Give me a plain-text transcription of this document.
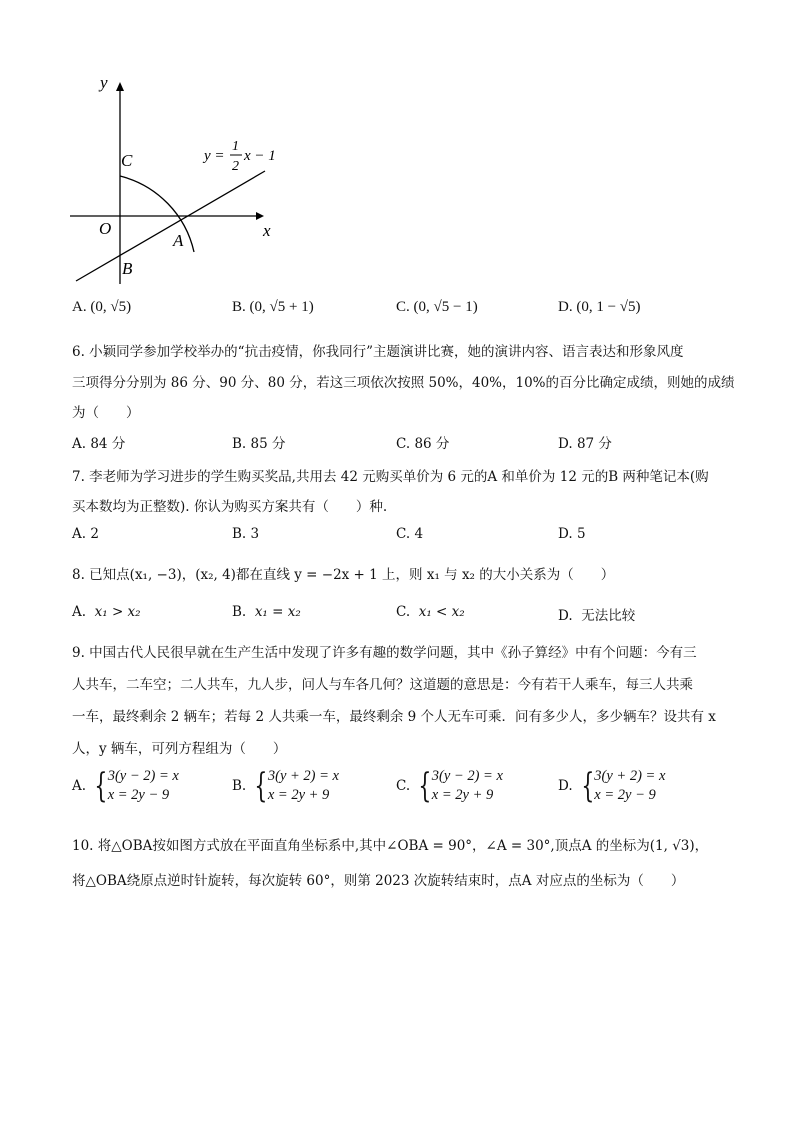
y
x
O
C
A
B
y =
1
2
x − 1
A. (0, √5)	B. (0, √5 + 1)	C. (0, √5 − 1)	D. (0, 1 − √5)
6. 小颖同学参加学校举办的“抗击疫情，你我同行”主题演讲比赛，她的演讲内容、语言表达和形象风度
三项得分分别为 86 分、90 分、80 分，若这三项依次按照 50%，40%，10%的百分比确定成绩，则她的成绩
为（　　）
A. 84 分	B. 85 分	C. 86 分	D. 87 分
7. 李老师为学习进步的学生购买奖品,共用去 42 元购买单价为 6 元的A 和单价为 12 元的B 两种笔记本(购
买本数均为正整数). 你认为购买方案共有（　　）种.
A. 2	B. 3	C. 4	D. 5
8. 已知点(x₁, −3)，(x₂, 4)都在直线 y = −2x + 1 上，则 x₁ 与 x₂ 的大小关系为（　　）
A. x₁ > x₂	B. x₁ = x₂	C. x₁ < x₂	D. 无法比较
9. 中国古代人民很早就在生产生活中发现了许多有趣的数学问题，其中《孙子算经》中有个问题：今有三
人共车，二车空；二人共车，九人步，问人与车各几何？这道题的意思是：今有若干人乘车，每三人共乘
一车，最终剩余 2 辆车；若每 2 人共乘一车，最终剩余 9 个人无车可乘．问有多少人，多少辆车？设共有 x
人，y 辆车，可列方程组为（　　）
A. {3(y − 2) = x
x = 2y − 9
B. {3(y + 2) = x
x = 2y + 9
C. {3(y − 2) = x
x = 2y + 9
D. {3(y + 2) = x
x = 2y − 9
10. 将△OBA按如图方式放在平面直角坐标系中,其中∠OBA = 90°，∠A = 30°,顶点A 的坐标为(1, √3)，
将△OBA绕原点逆时针旋转，每次旋转 60°，则第 2023 次旋转结束时，点A 对应点的坐标为（　　）
